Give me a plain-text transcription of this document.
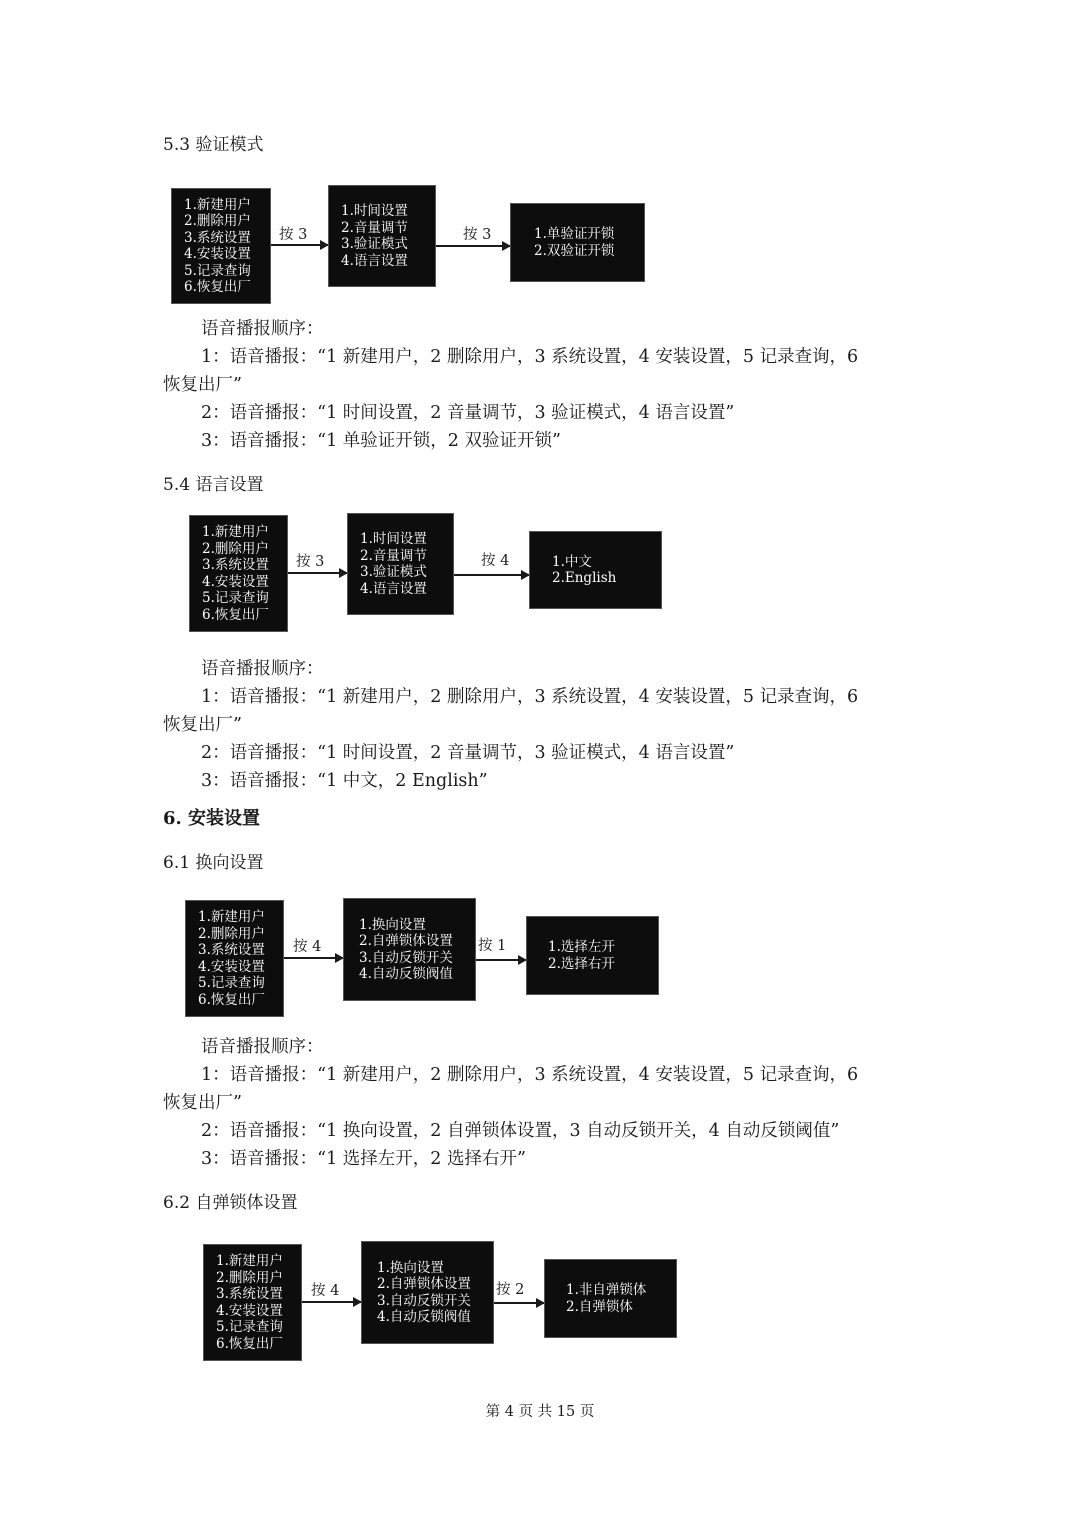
5.3 验证模式
1.新建用户
2.删除用户
3.系统设置
4.安装设置
5.记录查询
6.恢复出厂
按 3
1.时间设置
2.音量调节
3.验证模式
4.语言设置
按 3	1.单验证开锁
2.双验证开锁
语音播报顺序：
1：语音播报：“1 新建用户，2 删除用户，3 系统设置，4 安装设置，5 记录查询，6
恢复出厂”
2：语音播报：“1 时间设置，2 音量调节，3 验证模式，4 语言设置”
3：语音播报：“1 单验证开锁，2 双验证开锁”
5.4 语言设置
1.新建用户
2.删除用户
3.系统设置
4.安装设置
5.记录查询
6.恢复出厂
按 3
1.时间设置
2.音量调节
3.验证模式
4.语言设置
按 4	1.中文
2.English
语音播报顺序：
1：语音播报：“1 新建用户，2 删除用户，3 系统设置，4 安装设置，5 记录查询，6
恢复出厂”
2：语音播报：“1 时间设置，2 音量调节，3 验证模式，4 语言设置”
3：语音播报：“1 中文，2 English”
6. 安装设置
6.1 换向设置
1.新建用户
2.删除用户
3.系统设置
4.安装设置
5.记录查询
6.恢复出厂
按 4
1.换向设置
2.自弹锁体设置
3.自动反锁开关
4.自动反锁阀值
按 1	1.选择左开
2.选择右开
语音播报顺序：
1：语音播报：“1 新建用户，2 删除用户，3 系统设置，4 安装设置，5 记录查询，6
恢复出厂”
2：语音播报：“1 换向设置，2 自弹锁体设置，3 自动反锁开关，4 自动反锁阈值”
3：语音播报：“1 选择左开，2 选择右开”
6.2 自弹锁体设置
1.新建用户
2.删除用户
3.系统设置
4.安装设置
5.记录查询
6.恢复出厂
按 4
1.换向设置
2.自弹锁体设置
3.自动反锁开关
4.自动反锁阀值
按 2	1.非自弹锁体
2.自弹锁体
第 4 页 共 15 页
